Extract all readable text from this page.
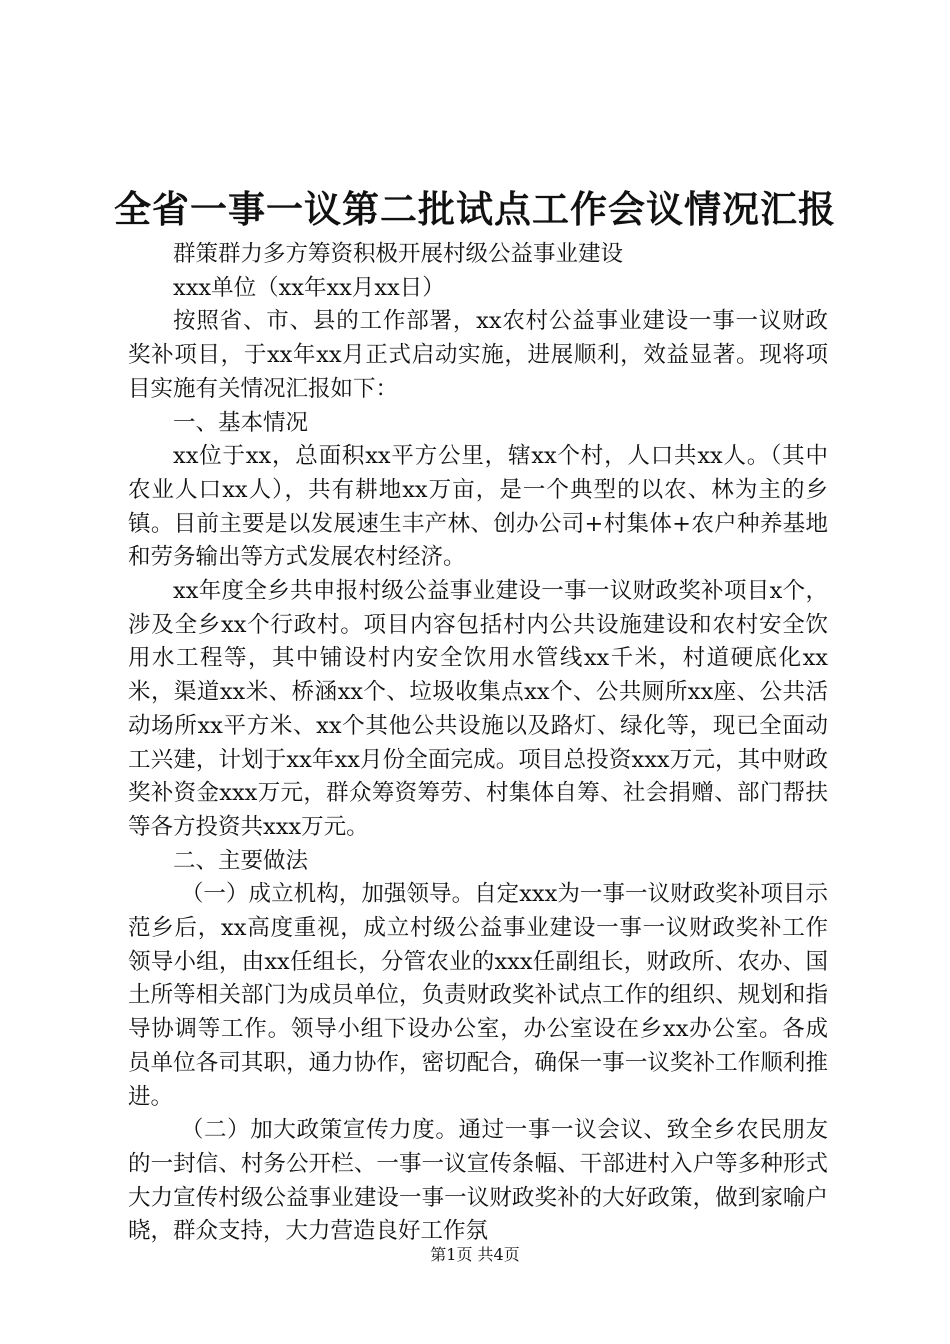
全省一事一议第二批试点工作会议情况汇报

群策群力多方筹资积极开展村级公益事业建设

xxx单位（xx年xx月xx日）

按照省、市、县的工作部署，xx农村公益事业建设一事一议财政奖补项目，于xx年xx月正式启动实施，进展顺利，效益显著。现将项目实施有关情况汇报如下：

一、基本情况

xx位于xx，总面积xx平方公里，辖xx个村，人口共xx人。（其中农业人口xx人），共有耕地xx万亩，是一个典型的以农、林为主的乡镇。目前主要是以发展速生丰产林、创办公司+村集体+农户种养基地和劳务输出等方式发展农村经济。

xx年度全乡共申报村级公益事业建设一事一议财政奖补项目x个，涉及全乡xx个行政村。项目内容包括村内公共设施建设和农村安全饮用水工程等，其中铺设村内安全饮用水管线xx千米，村道硬底化xx米，渠道xx米、桥涵xx个、垃圾收集点xx个、公共厕所xx座、公共活动场所xx平方米、xx个其他公共设施以及路灯、绿化等，现已全面动工兴建，计划于xx年xx月份全面完成。项目总投资xxx万元，其中财政奖补资金xxx万元，群众筹资筹劳、村集体自筹、社会捐赠、部门帮扶等各方投资共xxx万元。

二、主要做法

（一）成立机构，加强领导。自定xxx为一事一议财政奖补项目示范乡后，xx高度重视，成立村级公益事业建设一事一议财政奖补工作领导小组，由xx任组长，分管农业的xxx任副组长，财政所、农办、国土所等相关部门为成员单位，负责财政奖补试点工作的组织、规划和指导协调等工作。领导小组下设办公室，办公室设在乡xx办公室。各成员单位各司其职，通力协作，密切配合，确保一事一议奖补工作顺利推进。

（二）加大政策宣传力度。通过一事一议会议、致全乡农民朋友的一封信、村务公开栏、一事一议宣传条幅、干部进村入户等多种形式大力宣传村级公益事业建设一事一议财政奖补的大好政策，做到家喻户晓，群众支持，大力营造良好工作氛

第1页 共4页
